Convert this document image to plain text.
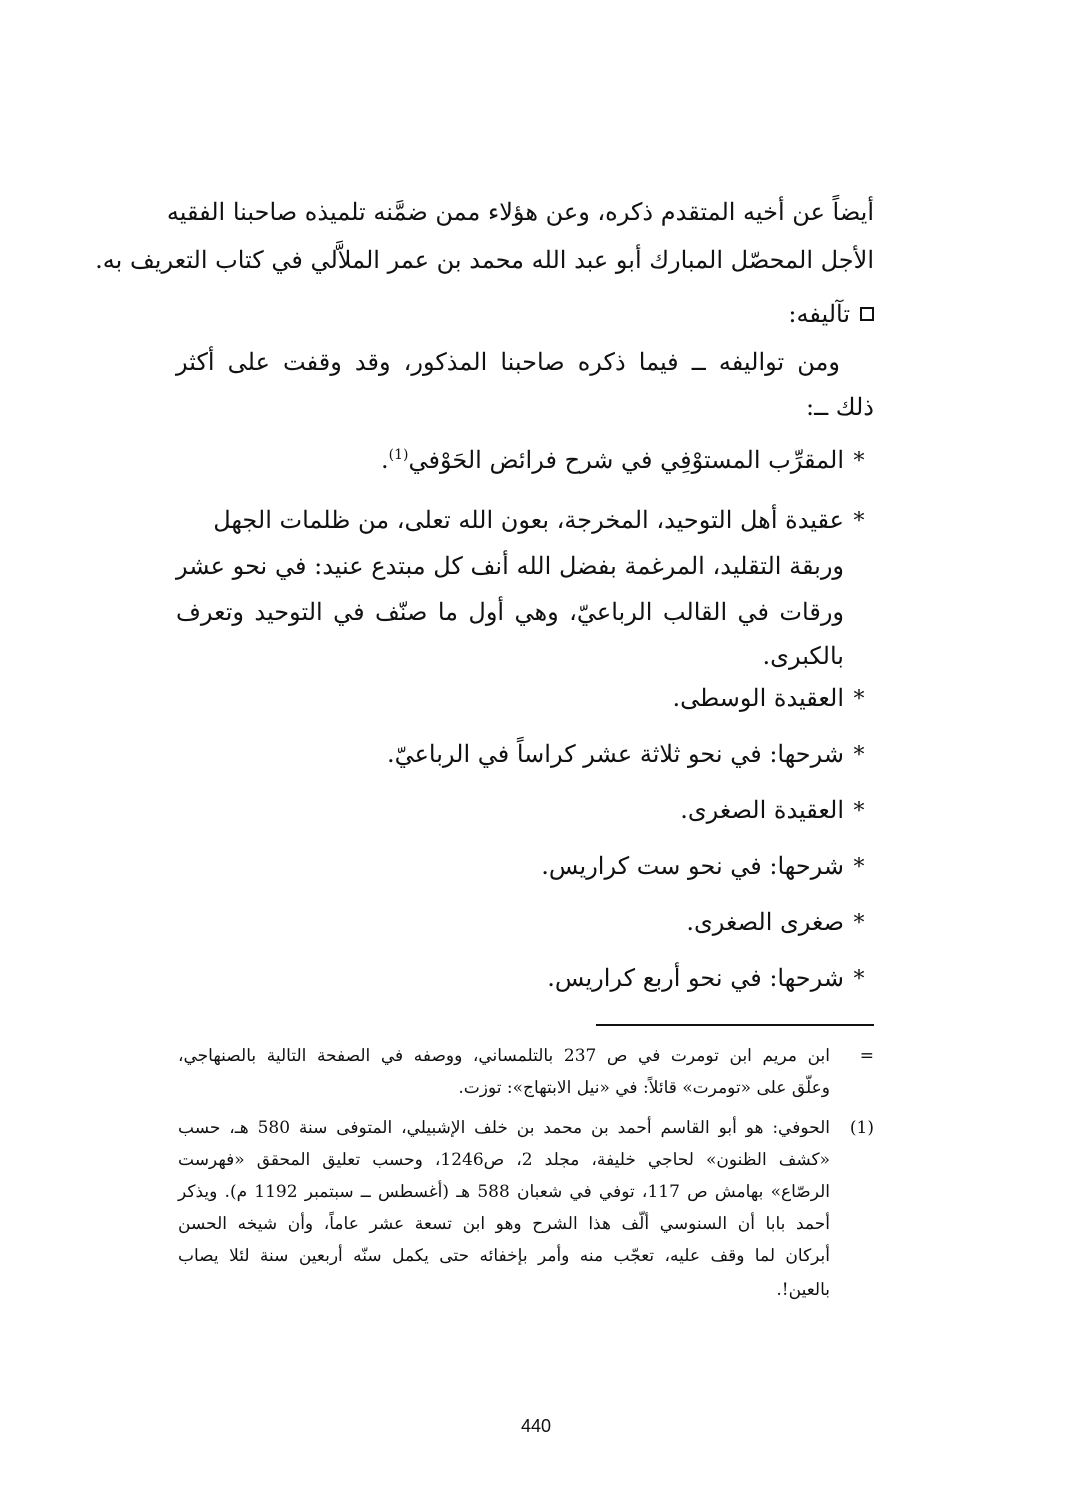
أيضاً عن أخيه المتقدم ذكره، وعن هؤلاء ممن ضمَّنه تلميذه صاحبنا الفقيه
الأجل المحصّل المبارك أبو عبد الله محمد بن عمر الملاَّلي في كتاب التعريف به.
تآليفه:
ومن تواليفه ــ فيما ذكره صاحبنا المذكور، وقد وقفت على أكثر
ذلك ــ:
*المقرِّب المستوْفِي في شرح فرائض الحَوْفي$^{(1)}$.
*عقيدة أهل التوحيد، المخرجة، بعون الله تعلى، من ظلمات الجهل
وربقة التقليد، المرغمة بفضل الله أنف كل مبتدع عنيد: في نحو عشر
ورقات في القالب الرباعيّ، وهي أول ما صنّف في التوحيد وتعرف
بالكبرى.
*العقيدة الوسطى.
*شرحها: في نحو ثلاثة عشر كراساً في الرباعيّ.
*العقيدة الصغرى.
*شرحها: في نحو ست كراريس.
*صغرى الصغرى.
*شرحها: في نحو أربع كراريس.
=
ابن مريم ابن تومرت في ص 237 بالتلمساني، ووصفه في الصفحة التالية بالصنهاجي،
وعلّق على «تومرت» قائلاً: في «نيل الابتهاج»: توزت.
(1)
الحوفي: هو أبو القاسم أحمد بن محمد بن خلف الإشبيلي، المتوفى سنة 580 هـ، حسب
«كشف الظنون» لحاجي خليفة، مجلد 2، ص1246، وحسب تعليق المحقق «فهرست
الرصّاع» بهامش ص 117، توفي في شعبان 588 هـ (أغسطس ــ سبتمبر 1192 م). ويذكر
أحمد بابا أن السنوسي ألّف هذا الشرح وهو ابن تسعة عشر عاماً، وأن شيخه الحسن
أبركان لما وقف عليه، تعجّب منه وأمر بإخفائه حتى يكمل سنّه أربعين سنة لئلا يصاب
بالعين!.
440
